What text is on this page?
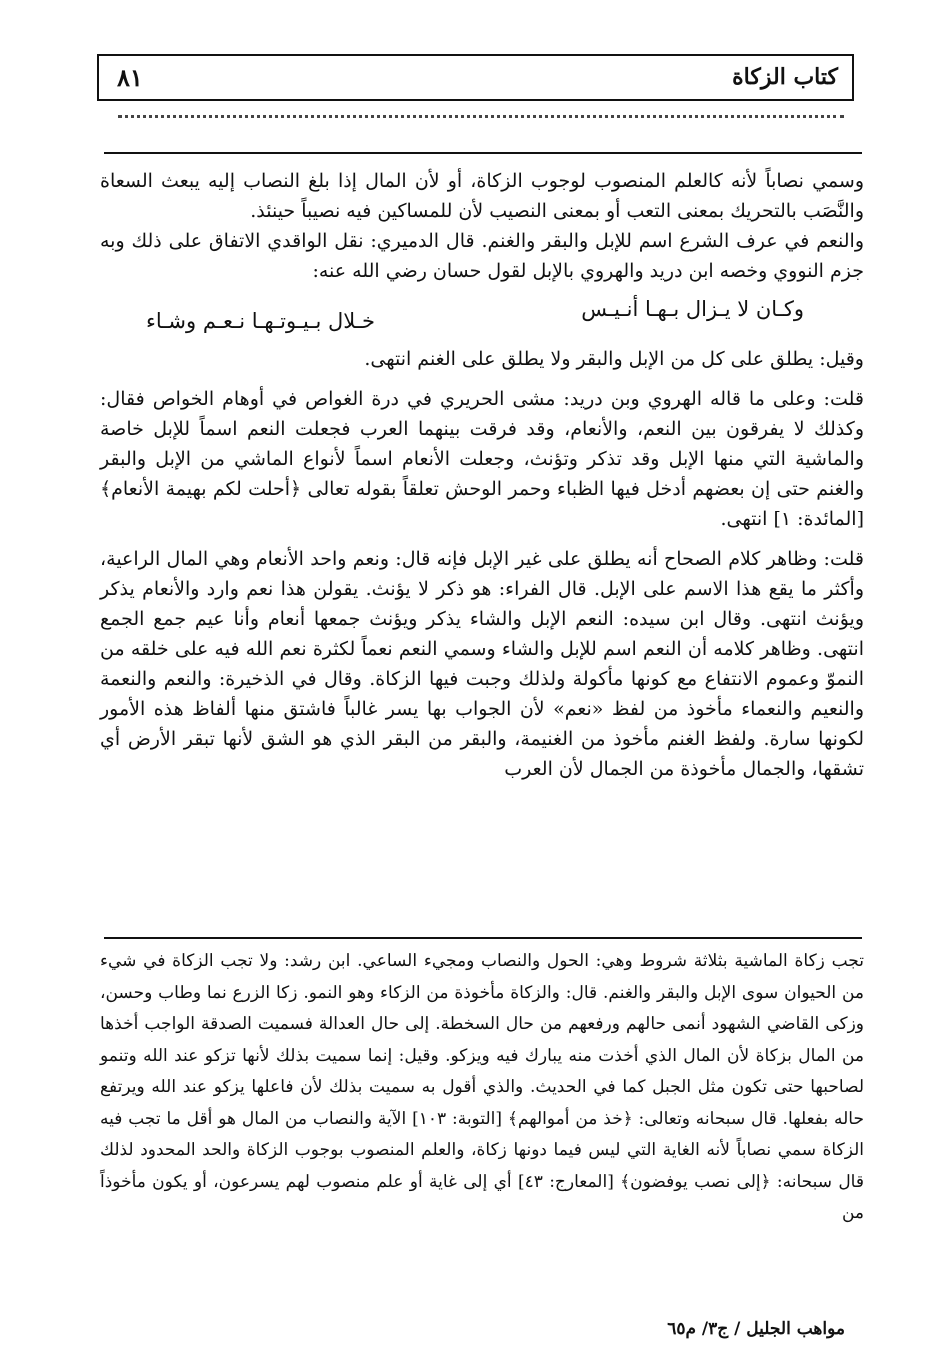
كتاب الزكاة
٨١

وسمي نصاباً لأنه كالعلم المنصوب لوجوب الزكاة، أو لأن المال إذا بلغ النصاب إليه يبعث السعاة والنَّصَب بالتحريك بمعنى التعب أو بمعنى النصيب لأن للمساكين فيه نصيباً حينئذ.

والنعم في عرف الشرع اسم للإبل والبقر والغنم. قال الدميري: نقل الواقدي الاتفاق على ذلك وبه جزم النووي وخصه ابن دريد والهروي بالإبل لقول حسان رضي الله عنه:

وكـان لا يـزال بـهـا أنـيـس
خـلال بـيـوتـهـا نـعـم وشـاء

وقيل: يطلق على كل من الإبل والبقر ولا يطلق على الغنم انتهى.

قلت: وعلى ما قاله الهروي وبن دريد: مشى الحريري في درة الغواص في أوهام الخواص فقال: وكذلك لا يفرقون بين النعم، والأنعام، وقد فرقت بينهما العرب فجعلت النعم اسماً للإبل خاصة والماشية التي منها الإبل وقد تذكر وتؤنث، وجعلت الأنعام اسماً لأنواع الماشي من الإبل والبقر والغنم حتى إن بعضهم أدخل فيها الظباء وحمر الوحش تعلقاً بقوله تعالى ﴿أحلت لكم بهيمة الأنعام﴾ [المائدة: ١] انتهى.

قلت: وظاهر كلام الصحاح أنه يطلق على غير الإبل فإنه قال: ونعم واحد الأنعام وهي المال الراعية، وأكثر ما يقع هذا الاسم على الإبل. قال الفراء: هو ذكر لا يؤنث. يقولن هذا نعم وارد والأنعام يذكر ويؤنث انتهى. وقال ابن سيده: النعم الإبل والشاء يذكر ويؤنث جمعها أنعام وأنا عيم جمع الجمع انتهى. وظاهر كلامه أن النعم اسم للإبل والشاء وسمي النعم نعماً لكثرة نعم الله فيه على خلقه من النموّ وعموم الانتفاع مع كونها مأكولة ولذلك وجبت فيها الزكاة. وقال في الذخيرة: والنعم والنعمة والنعيم والنعماء مأخوذ من لفظ «نعم» لأن الجواب بها يسر غالباً فاشتق منها ألفاظ هذه الأمور لكونها سارة. ولفظ الغنم مأخوذ من الغنيمة، والبقر من البقر الذي هو الشق لأنها تبقر الأرض أي تشقها، والجمال مأخوذة من الجمال لأن العرب

تجب زكاة الماشية بثلاثة شروط وهي: الحول والنصاب ومجيء الساعي. ابن رشد: ولا تجب الزكاة في شيء من الحيوان سوى الإبل والبقر والغنم. قال: والزكاة مأخوذة من الزكاء وهو النمو. زكا الزرع نما وطاب وحسن، وزكى القاضي الشهود أنمى حالهم ورفعهم من حال السخطة. إلى حال العدالة فسميت الصدقة الواجب أخذها من المال بزكاة لأن المال الذي أخذت منه يبارك فيه ويزكو. وقيل: إنما سميت بذلك لأنها تزكو عند الله وتنمو لصاحبها حتى تكون مثل الجبل كما في الحديث. والذي أقول به سميت بذلك لأن فاعلها يزكو عند الله ويرتفع حاله بفعلها. قال سبحانه وتعالى: ﴿خذ من أموالهم﴾ [التوبة: ١٠٣] الآية والنصاب من المال هو أقل ما تجب فيه الزكاة سمي نصاباً لأنه الغاية التي ليس فيما دونها زكاة، والعلم المنصوب بوجوب الزكاة والحد المحدود لذلك قال سبحانه: ﴿إلى نصب يوفضون﴾ [المعارج: ٤٣] أي إلى غاية أو علم منصوب لهم يسرعون، أو يكون مأخوذاً من

مواهب الجليل / ج٣/ م٦٥
